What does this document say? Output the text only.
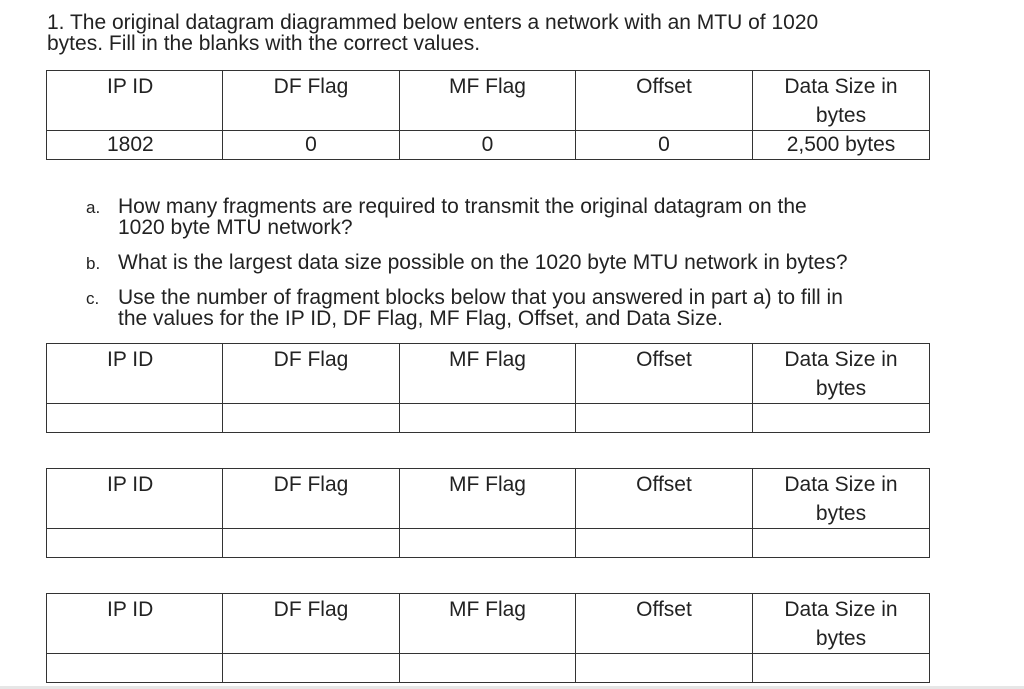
1. The original datagram diagrammed below enters a network with an MTU of 1020
bytes. Fill in the blanks with the correct values.
IP ID	DF Flag	MF Flag	Offset	Data Size in
bytes
1802	0	0	0	2,500 bytes
a. How many fragments are required to transmit the original datagram on the
1020 byte MTU network?
b. What is the largest data size possible on the 1020 byte MTU network in bytes?
c. Use the number of fragment blocks below that you answered in part a) to fill in
the values for the IP ID, DF Flag, MF Flag, Offset, and Data Size.
IP ID	DF Flag	MF Flag	Offset	Data Size in
bytes

IP ID	DF Flag	MF Flag	Offset	Data Size in
bytes

IP ID	DF Flag	MF Flag	Offset	Data Size in
bytes
